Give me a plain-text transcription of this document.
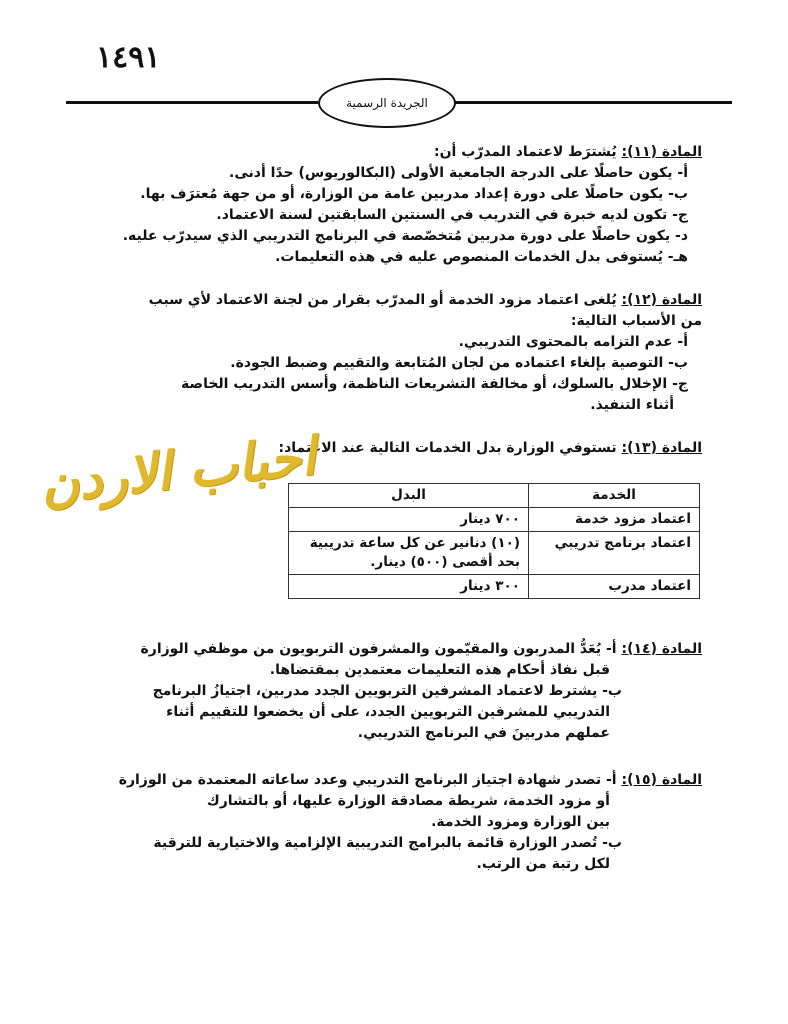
١٤٩١
الجريدة الرسمية

المادة (١١): يُشترَط لاعتماد المدرّب أن:

أ- يكون حاصلًا على الدرجة الجامعية الأولى (البكالوريوس) حدًا أدنى.

ب- يكون حاصلًا على دورة إعداد مدربين عامة من الوزارة، أو من جهة مُعترَف بها.

ج- تكون لديه خبرة في التدريب في السنتين السابقتين لسنة الاعتماد.

د- يكون حاصلًا على دورة مدربين مُتخصّصة في البرنامج التدريبي الذي سيدرّب عليه.

هـ- يُستوفى بدل الخدمات المنصوص عليه في هذه التعليمات.

المادة (١٢): يُلغى اعتماد مزود الخدمة أو المدرّب بقرار من لجنة الاعتماد لأي سبب

من الأسباب التالية:

أ- عدم التزامه بالمحتوى التدريبي.

ب- التوصية بإلغاء اعتماده من لجان المُتابعة والتقييم وضبط الجودة.

ج- الإخلال بالسلوك، أو مخالفة التشريعات الناظمة، وأسس التدريب الخاصة

أثناء التنفيذ.

المادة (١٣): تستوفي الوزارة بدل الخدمات التالية عند الاعتماد:

الخدمة	البدل
اعتماد مزود خدمة	٧٠٠ دينار
اعتماد برنامج تدريبي	(١٠) دنانير عن كل ساعة تدريبية بحد أقصى (٥٠٠) دينار.
اعتماد مدرب	٣٠٠ دينار

المادة (١٤): أ- يُعَدُّ المدربون والمقيّمون والمشرفون التربويون من موظفي الوزارة

قبل نفاذ أحكام هذه التعليمات معتمدين بمقتضاها.

ب- يشترط لاعتماد المشرفين التربويين الجدد مدربين، اجتيازُ البرنامج

التدريبي للمشرفين التربويين الجدد، على أن يخضعوا للتقييم أثناء

عملهم مدربينَ في البرنامج التدريبي.

المادة (١٥): أ- تصدر شهادة اجتياز البرنامج التدريبي وعدد ساعاته المعتمدة من الوزارة

أو مزود الخدمة، شريطة مصادقة الوزارة عليها، أو بالتشارك

بين الوزارة ومزود الخدمة.

ب- تُصدر الوزارة قائمة بالبرامج التدريبية الإلزامية والاختيارية للترقية

لكل رتبة من الرتب.

احباب الاردن
